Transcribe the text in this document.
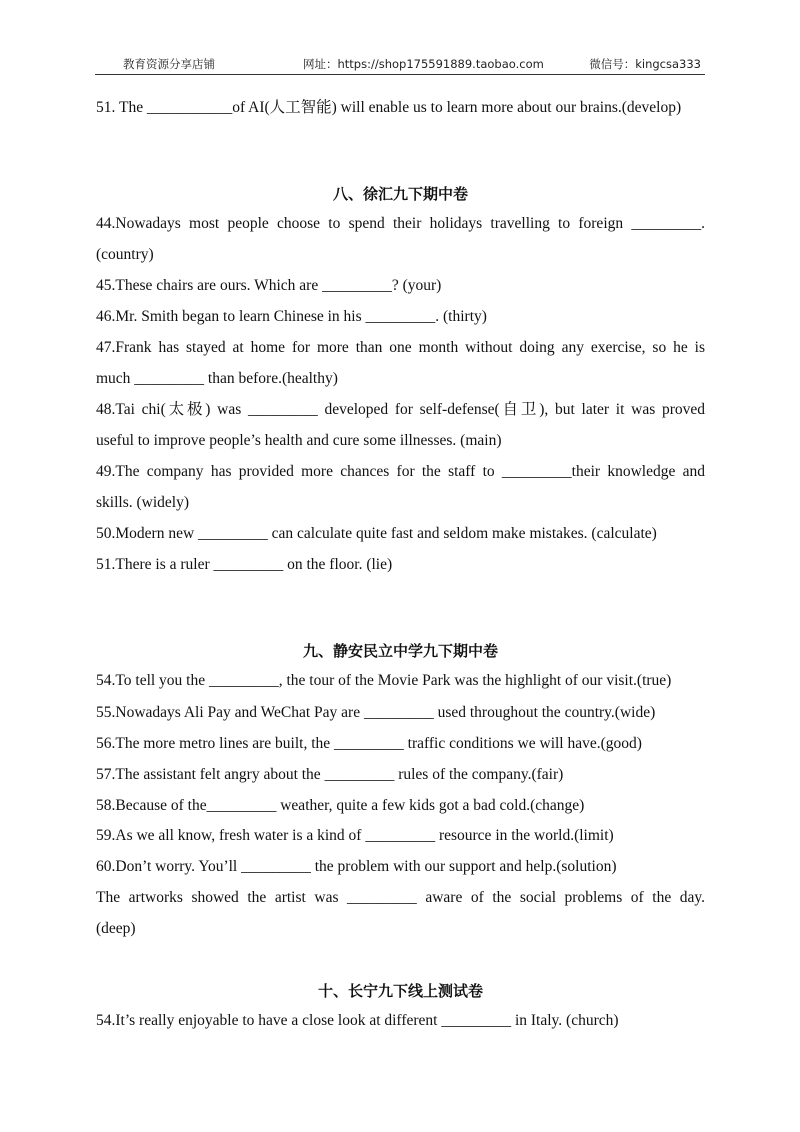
教育资源分享店铺	网址：https://shop175591889.taobao.com	微信号：kingcsa333
51. The ___________of AI(人工智能) will enable us to learn more about our brains.(develop)
八、徐汇九下期中卷
44.Nowadays most people choose to spend their holidays travelling to foreign _________.
(country)
45.These chairs are ours. Which are _________? (your)
46.Mr. Smith began to learn Chinese in his _________. (thirty)
47.Frank has stayed at home for more than one month without doing any exercise, so he is
much _________ than before.(healthy)
48.Tai chi(太极) was _________ developed for self-defense(自卫), but later it was proved
useful to improve people’s health and cure some illnesses. (main)
49.The company has provided more chances for the staff to _________their knowledge and
skills. (widely)
50.Modern new _________ can calculate quite fast and seldom make mistakes. (calculate)
51.There is a ruler _________ on the floor. (lie)
九、静安民立中学九下期中卷
54.To tell you the _________, the tour of the Movie Park was the highlight of our visit.(true)
55.Nowadays Ali Pay and WeChat Pay are _________ used throughout the country.(wide)
56.The more metro lines are built, the _________ traffic conditions we will have.(good)
57.The assistant felt angry about the _________ rules of the company.(fair)
58.Because of the_________ weather, quite a few kids got a bad cold.(change)
59.As we all know, fresh water is a kind of _________ resource in the world.(limit)
60.Don’t worry. You’ll _________ the problem with our support and help.(solution)
The artworks showed the artist was _________ aware of the social problems of the day.
(deep)
十、长宁九下线上测试卷
54.It’s really enjoyable to have a close look at different _________ in Italy. (church)
